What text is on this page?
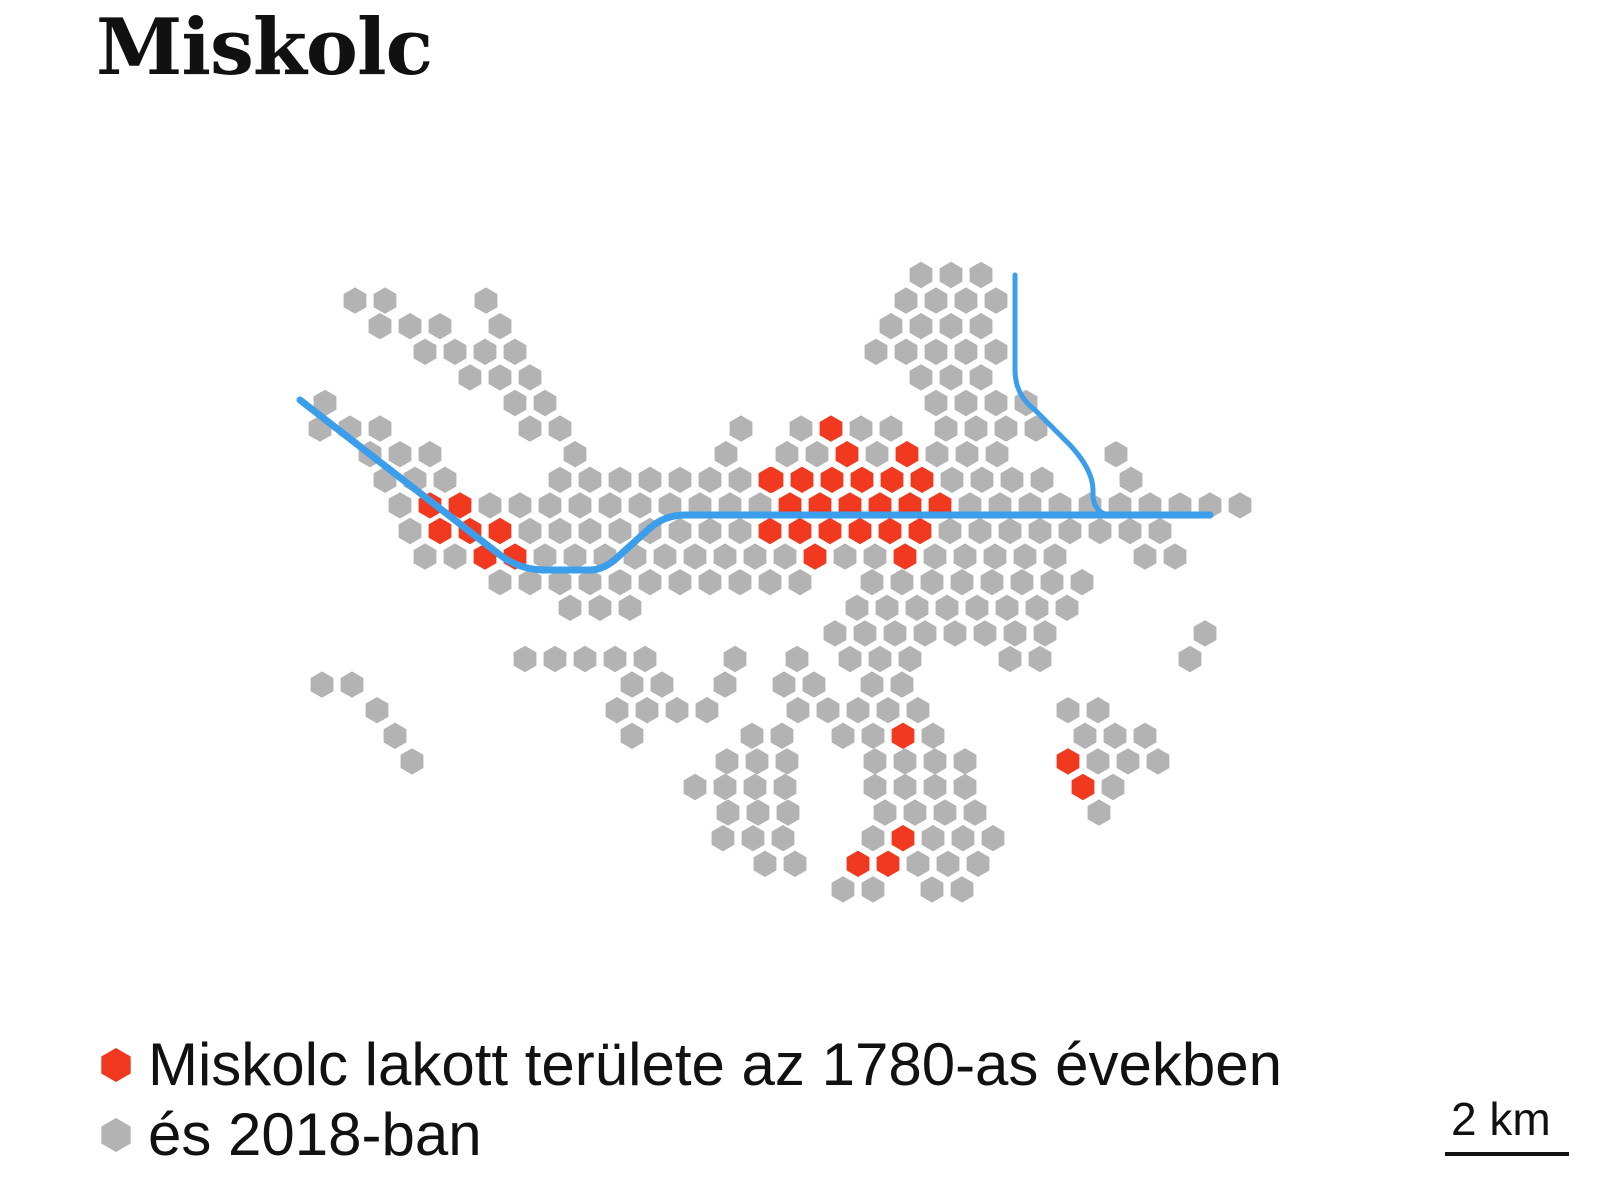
Miskolc
Miskolc lakott területe az 1780-as években
és 2018-ban	2 km
